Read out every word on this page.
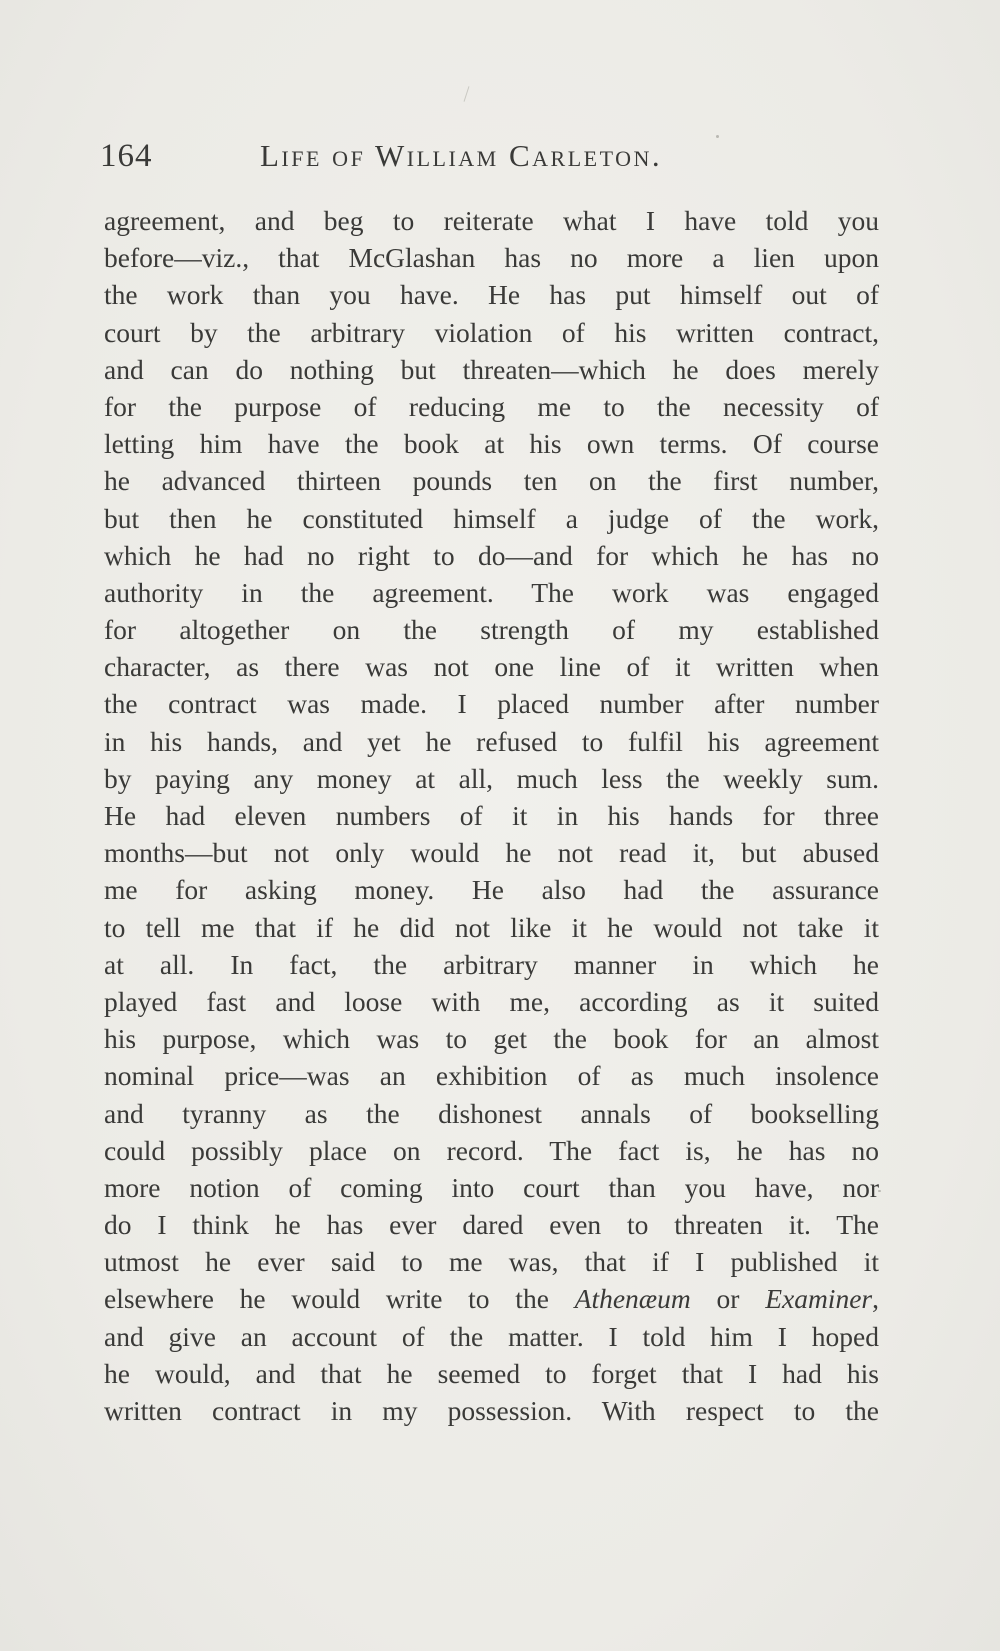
164	Life of William Carleton.
agreement, and beg to reiterate what I have told you
before—viz., that McGlashan has no more a lien upon
the work than you have. He has put himself out of
court by the arbitrary violation of his written contract,
and can do nothing but threaten—which he does merely
for the purpose of reducing me to the necessity of
letting him have the book at his own terms. Of course
he advanced thirteen pounds ten on the first number,
but then he constituted himself a judge of the work,
which he had no right to do—and for which he has no
authority in the agreement. The work was engaged
for altogether on the strength of my established
character, as there was not one line of it written when
the contract was made. I placed number after number
in his hands, and yet he refused to fulfil his agreement
by paying any money at all, much less the weekly sum.
He had eleven numbers of it in his hands for three
months—but not only would he not read it, but abused
me for asking money. He also had the assurance
to tell me that if he did not like it he would not take it
at all. In fact, the arbitrary manner in which he
played fast and loose with me, according as it suited
his purpose, which was to get the book for an almost
nominal price—was an exhibition of as much insolence
and tyranny as the dishonest annals of bookselling
could possibly place on record. The fact is, he has no
more notion of coming into court than you have, nor
do I think he has ever dared even to threaten it. The
utmost he ever said to me was, that if I published it
elsewhere he would write to the Athenæum or Examiner,
and give an account of the matter. I told him I hoped
he would, and that he seemed to forget that I had his
written contract in my possession. With respect to the
